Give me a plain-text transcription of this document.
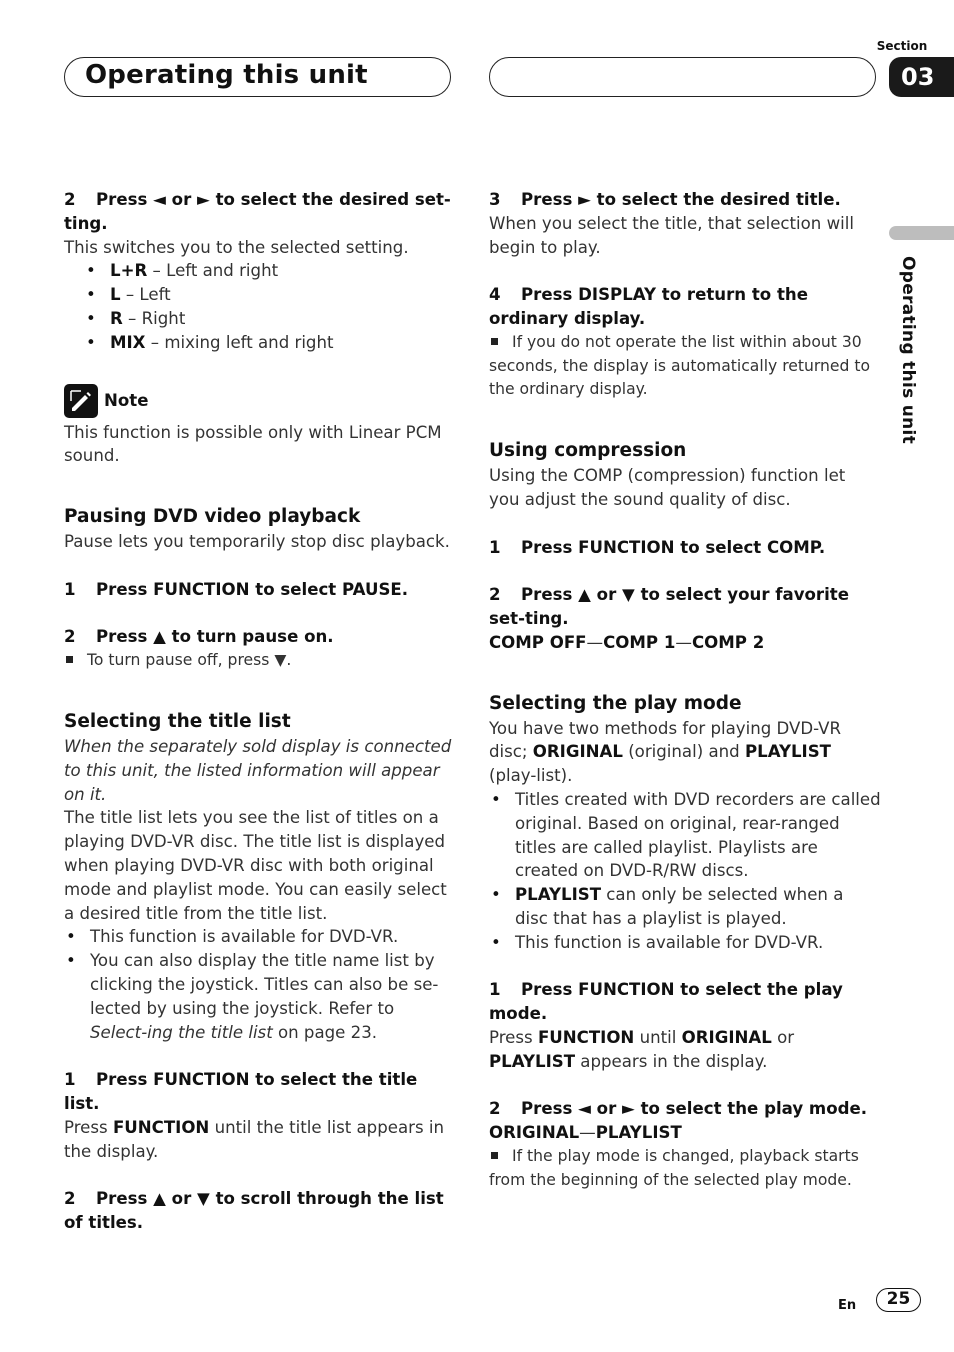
Operating this unit
Section
03
Operating this unit
2 Press ◄ or ► to select the desired set-ting.

This switches you to the selected setting.

• L+R – Left and right
• L – Left
• R – Right
• MIX – mixing left and right
Note

This function is possible only with Linear PCM sound.

Pausing DVD video playback

Pause lets you temporarily stop disc playback.

1 Press FUNCTION to select PAUSE.
2 Press ▲ to turn pause on.

To turn pause off, press ▼.

Selecting the title list

When the separately sold display is connected to this unit, the listed information will appear on it.

The title list lets you see the list of titles on a playing DVD-VR disc. The title list is displayed when playing DVD-VR disc with both original mode and playlist mode. You can easily select a desired title from the title list.

• This function is available for DVD-VR.
• You can also display the title name list by clicking the joystick. Titles can also be se-lected by using the joystick. Refer to Select-ing the title list on page 23.
1 Press FUNCTION to select the title list.

Press FUNCTION until the title list appears in the display.

2 Press ▲ or ▼ to scroll through the list of titles.
3 Press ► to select the desired title.

When you select the title, that selection will begin to play.

4 Press DISPLAY to return to the ordinary display.

If you do not operate the list within about 30 seconds, the display is automatically returned to the ordinary display.

Using compression

Using the COMP (compression) function let you adjust the sound quality of disc.

1 Press FUNCTION to select COMP.
2 Press ▲ or ▼ to select your favorite set-ting.

COMP OFF—COMP 1—COMP 2

Selecting the play mode

You have two methods for playing DVD-VR disc; ORIGINAL (original) and PLAYLIST (play-list).

• Titles created with DVD recorders are called original. Based on original, rear-ranged titles are called playlist. Playlists are created on DVD-R/RW discs.
• PLAYLIST can only be selected when a disc that has a playlist is played.
• This function is available for DVD-VR.
1 Press FUNCTION to select the play mode.

Press FUNCTION until ORIGINAL or PLAYLIST appears in the display.

2 Press ◄ or ► to select the play mode.

ORIGINAL—PLAYLIST

If the play mode is changed, playback starts from the beginning of the selected play mode.

En	25
